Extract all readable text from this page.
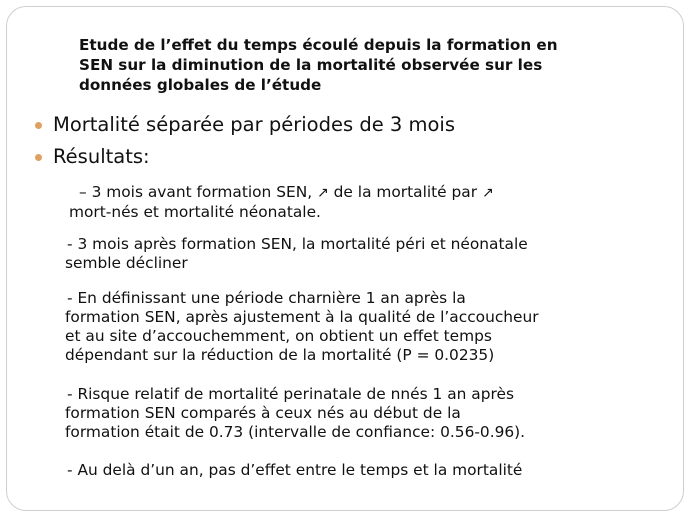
Etude de l’effet du temps écoulé depuis la formation en
SEN sur la diminution de la mortalité observée sur les
données globales de l’étude
Mortalité séparée par périodes de 3 mois
Résultats:
– 3 mois avant formation SEN, ↗ de la mortalité par ↗
mort-nés et mortalité néonatale.
- 3 mois après formation SEN, la mortalité péri et néonatale
semble décliner
- En définissant une période charnière 1 an après la
formation SEN, après ajustement à la qualité de l’accoucheur
et au site d’accouchemment, on obtient un effet temps
dépendant sur la réduction de la mortalité (P = 0.0235)
- Risque relatif de mortalité perinatale de nnés 1 an après
formation SEN comparés à ceux nés au début de la
formation était de 0.73 (intervalle de confiance: 0.56-0.96).
- Au delà d’un an, pas d’effet entre le temps et la mortalité
